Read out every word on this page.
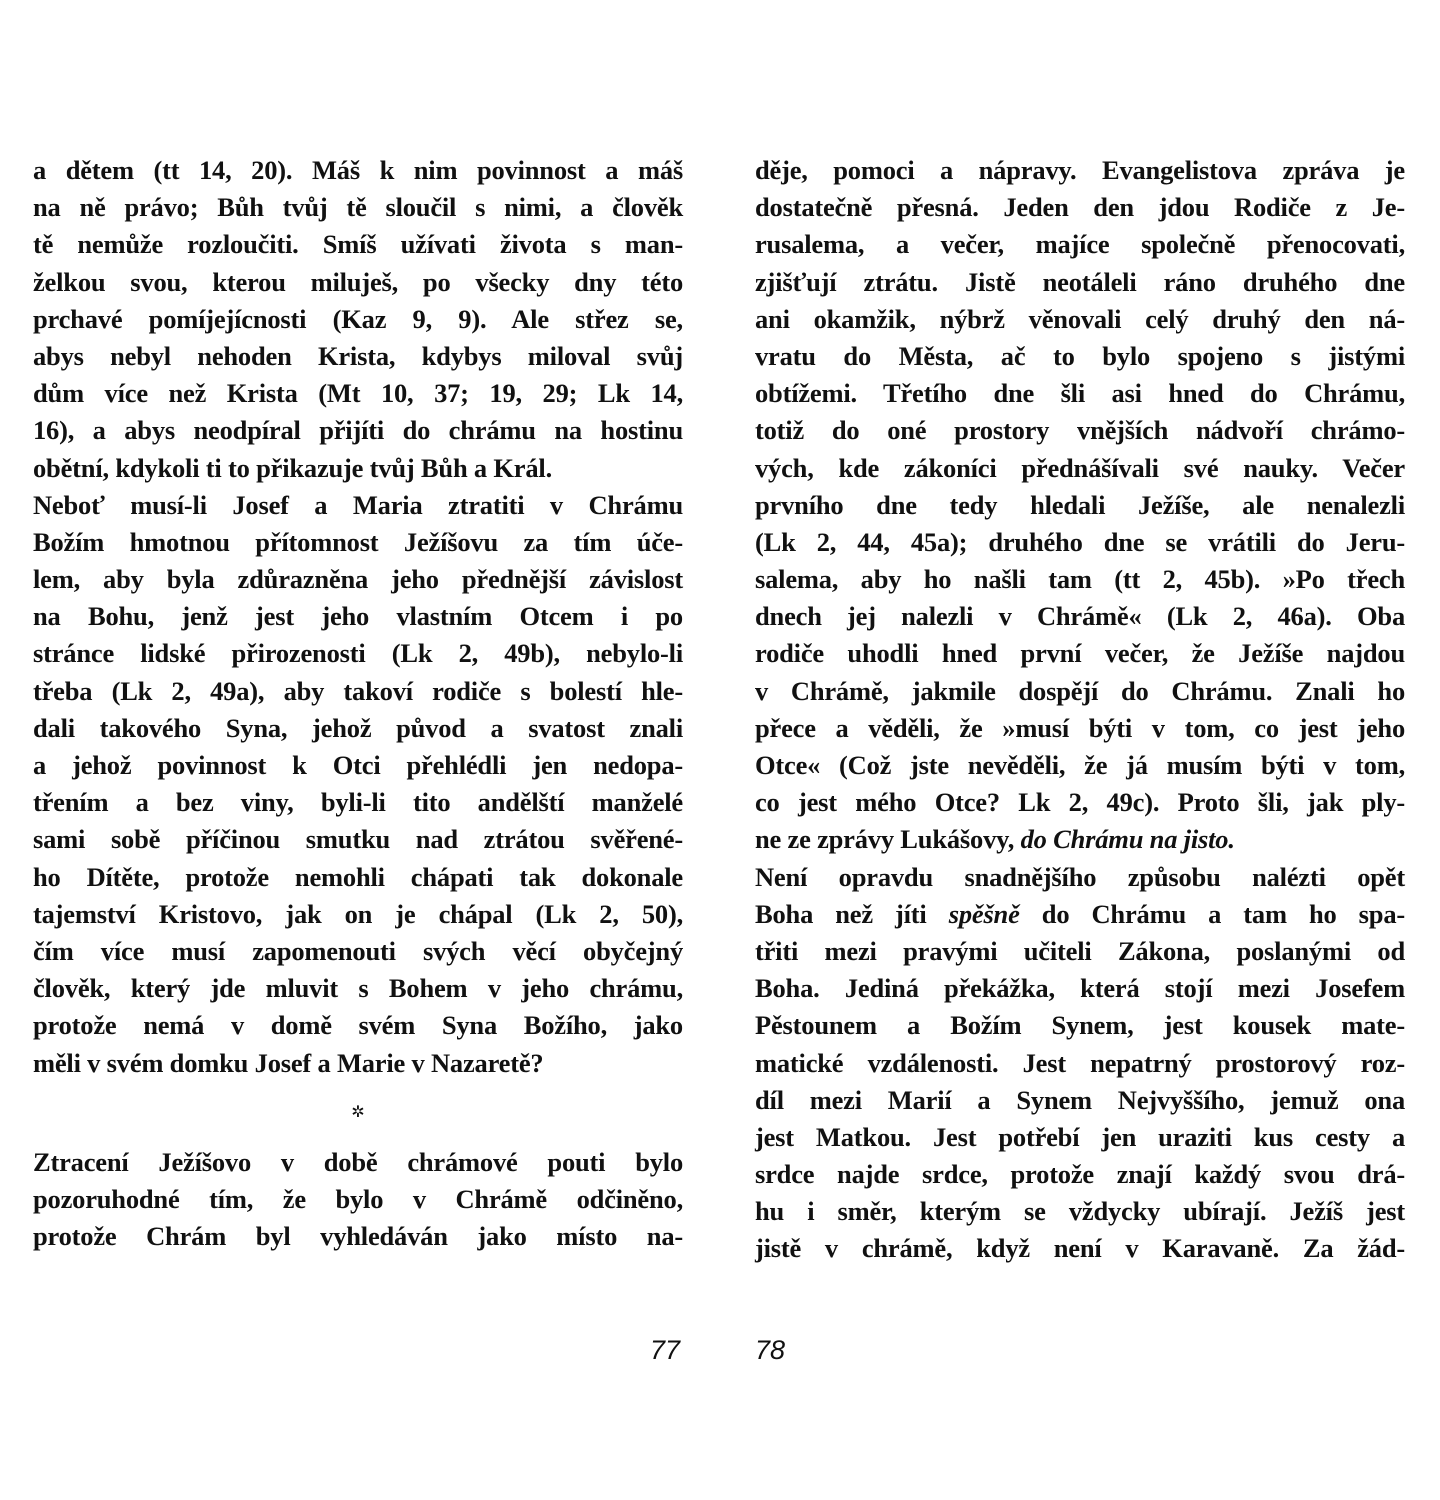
a dětem (tt 14, 20). Máš k nim povinnost a máš
na ně právo; Bůh tvůj tě sloučil s nimi, a člověk
tě nemůže rozloučiti. Smíš užívati života s man-
želkou svou, kterou miluješ, po všecky dny této
prchavé pomíjejícnosti (Kaz 9, 9). Ale střez se,
abys nebyl nehoden Krista, kdybys miloval svůj
dům více než Krista (Mt 10, 37; 19, 29; Lk 14,
16), a abys neodpíral přijíti do chrámu na hostinu
obětní, kdykoli ti to přikazuje tvůj Bůh a Král.
Neboť musí-li Josef a Maria ztratiti v Chrámu
Božím hmotnou přítomnost Ježíšovu za tím úče-
lem, aby byla zdůrazněna jeho přednější závislost
na Bohu, jenž jest jeho vlastním Otcem i po
stránce lidské přirozenosti (Lk 2, 49b), nebylo-li
třeba (Lk 2, 49a), aby takoví rodiče s bolestí hle-
dali takového Syna, jehož původ a svatost znali
a jehož povinnost k Otci přehlédli jen nedopa-
třením a bez viny, byli-li tito andělští manželé
sami sobě příčinou smutku nad ztrátou svěřené-
ho Dítěte, protože nemohli chápati tak dokonale
tajemství Kristovo, jak on je chápal (Lk 2, 50),
čím více musí zapomenouti svých věcí obyčejný
člověk, který jde mluvit s Bohem v jeho chrámu,
protože nemá v domě svém Syna Božího, jako
měli v svém domku Josef a Marie v Nazaretě?
✲
Ztracení Ježíšovo v době chrámové pouti bylo
pozoruhodné tím, že bylo v Chrámě odčiněno,
protože Chrám byl vyhledáván jako místo na-
děje, pomoci a nápravy. Evangelistova zpráva je
dostatečně přesná. Jeden den jdou Rodiče z Je-
rusalema, a večer, majíce společně přenocovati,
zjišťují ztrátu. Jistě neotáleli ráno druhého dne
ani okamžik, nýbrž věnovali celý druhý den ná-
vratu do Města, ač to bylo spojeno s jistými
obtížemi. Třetího dne šli asi hned do Chrámu,
totiž do oné prostory vnějších nádvoří chrámo-
vých, kde zákoníci přednášívali své nauky. Večer
prvního dne tedy hledali Ježíše, ale nenalezli
(Lk 2, 44, 45a); druhého dne se vrátili do Jeru-
salema, aby ho našli tam (tt 2, 45b). »Po třech
dnech jej nalezli v Chrámě« (Lk 2, 46a). Oba
rodiče uhodli hned první večer, že Ježíše najdou
v Chrámě, jakmile dospějí do Chrámu. Znali ho
přece a věděli, že »musí býti v tom, co jest jeho
Otce« (Což jste nevěděli, že já musím býti v tom,
co jest mého Otce? Lk 2, 49c). Proto šli, jak ply-
ne ze zprávy Lukášovy, do Chrámu na jisto.
Není opravdu snadnějšího způsobu nalézti opět
Boha než jíti spěšně do Chrámu a tam ho spa-
třiti mezi pravými učiteli Zákona, poslanými od
Boha. Jediná překážka, která stojí mezi Josefem
Pěstounem a Božím Synem, jest kousek mate-
matické vzdálenosti. Jest nepatrný prostorový roz-
díl mezi Marií a Synem Nejvyššího, jemuž ona
jest Matkou. Jest potřebí jen uraziti kus cesty a
srdce najde srdce, protože znají každý svou drá-
hu i směr, kterým se vždycky ubírají. Ježíš jest
jistě v chrámě, když není v Karavaně. Za žád-
77	78
